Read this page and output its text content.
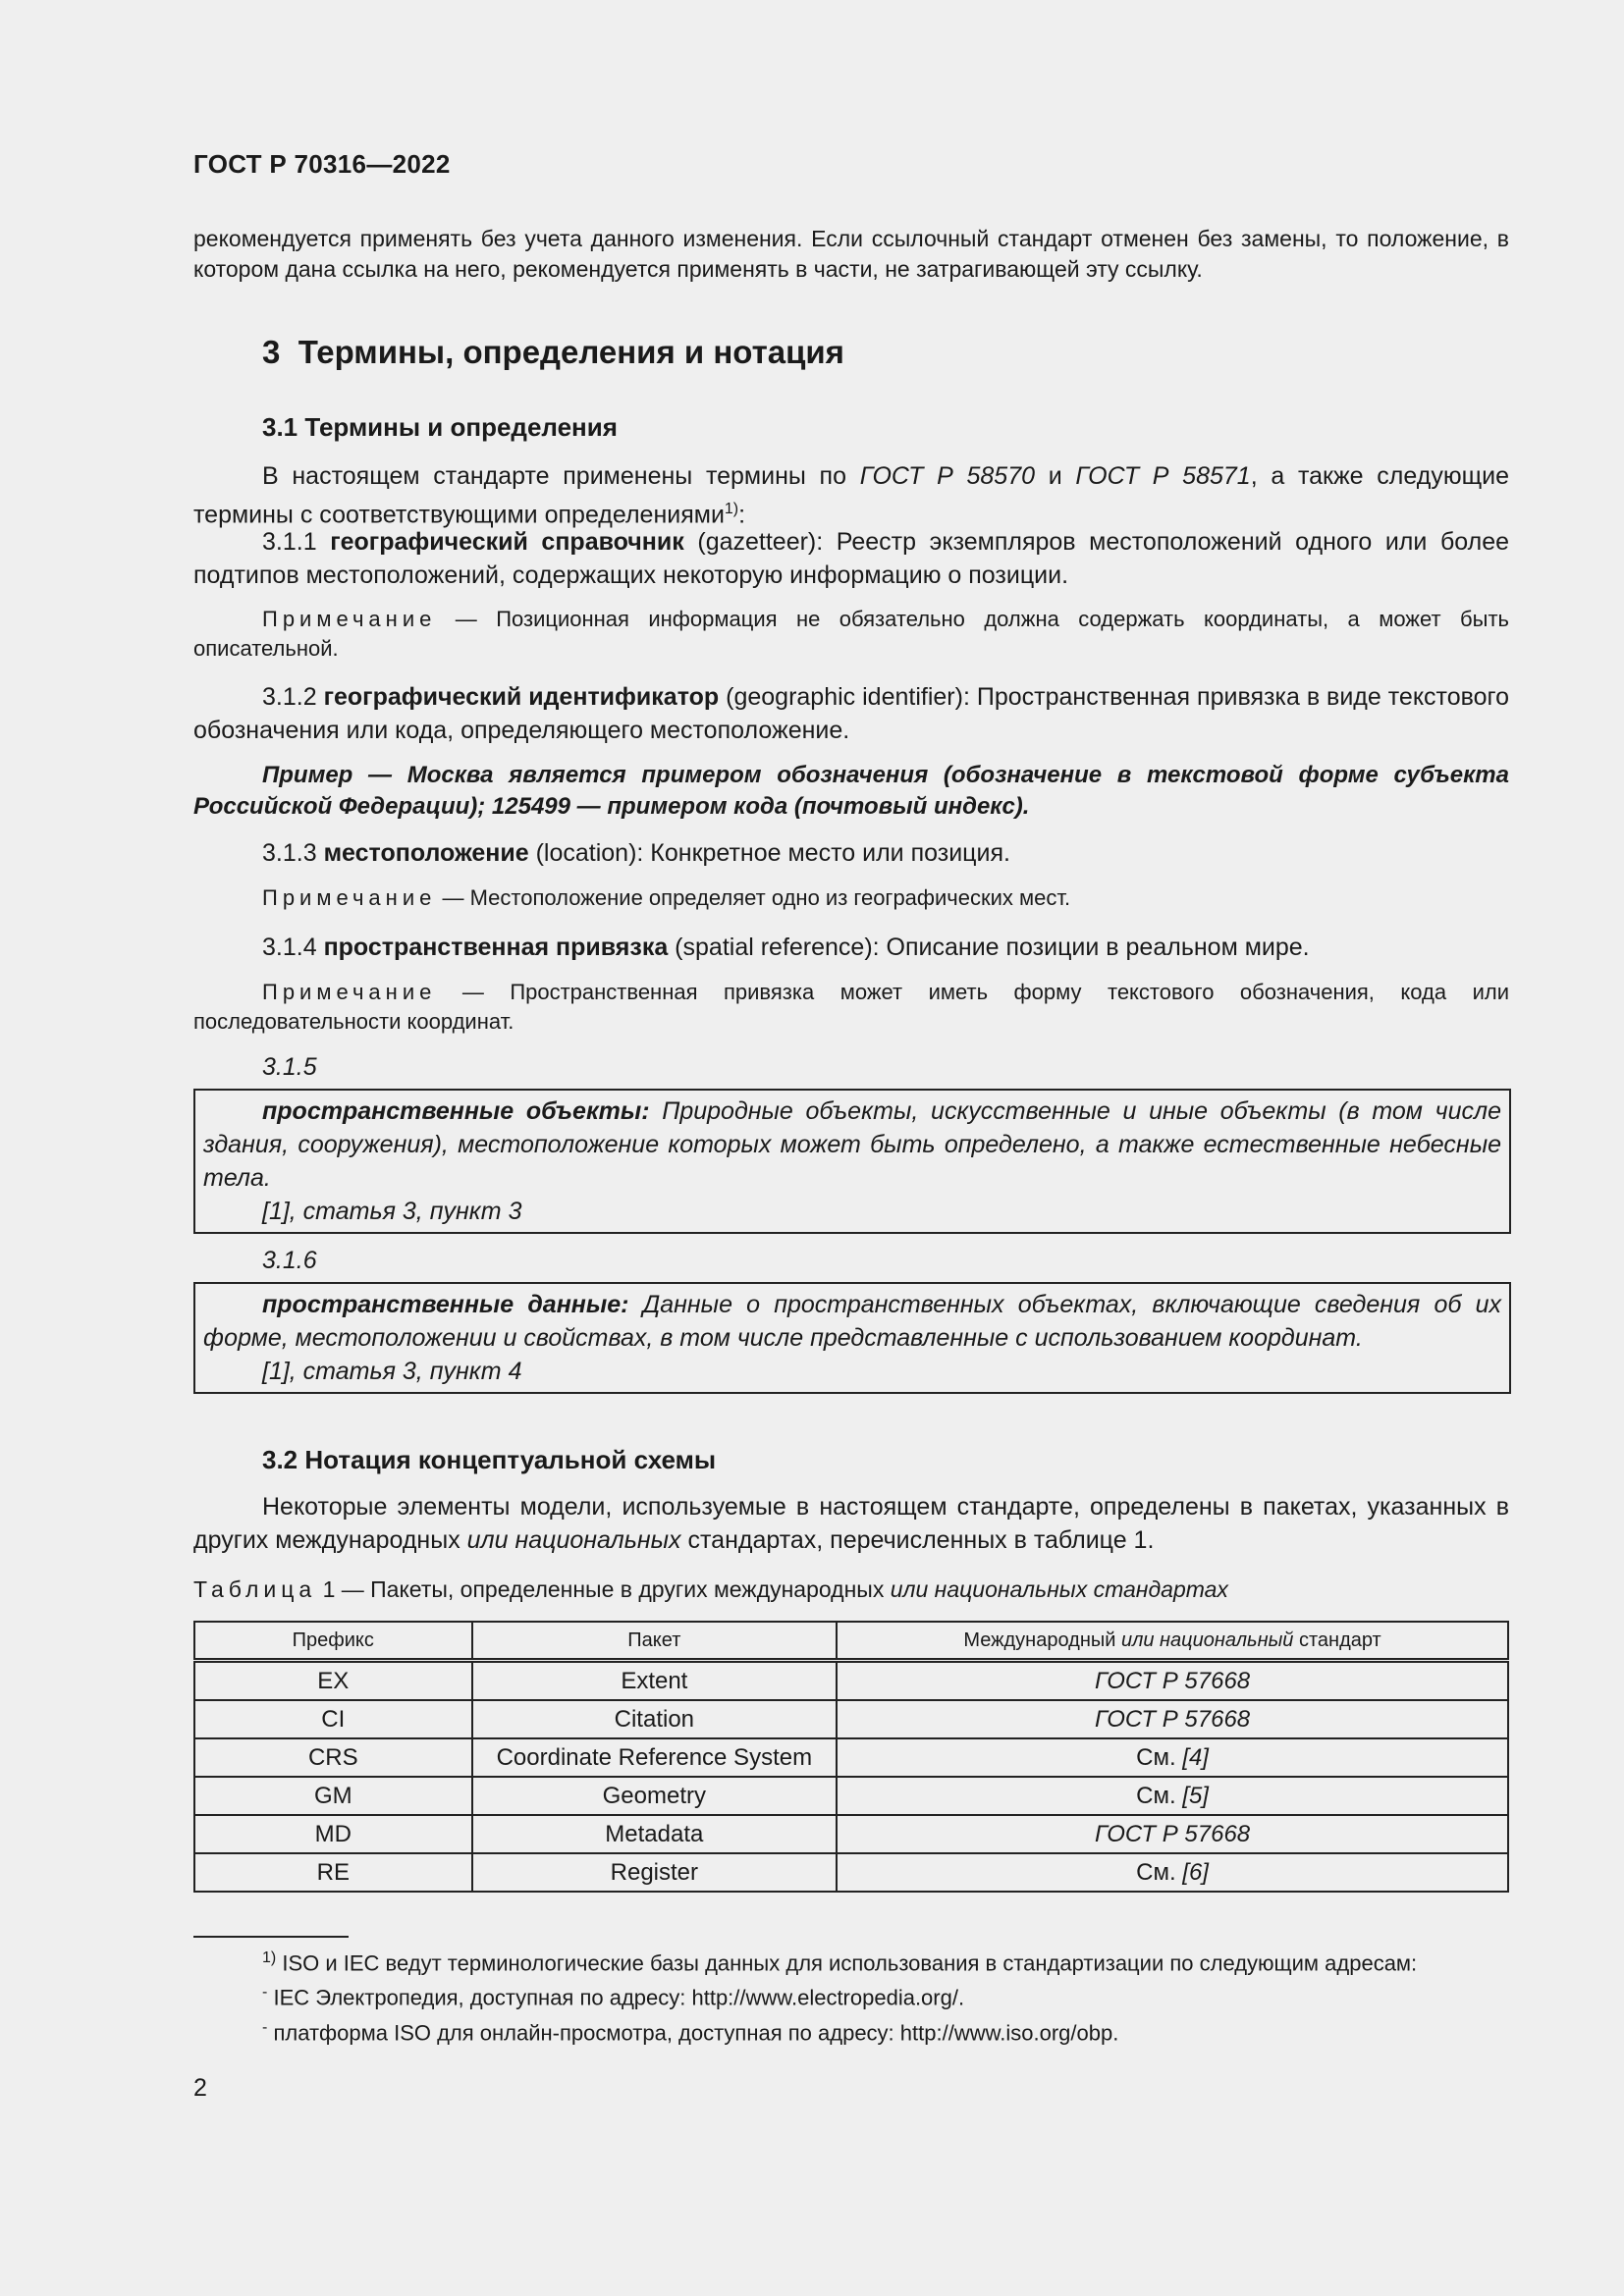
ГОСТ Р 70316—2022

рекомендуется применять без учета данного изменения. Если ссылочный стандарт отменен без замены, то положение, в котором дана ссылка на него, рекомендуется применять в части, не затрагивающей эту ссылку.

3 Термины, определения и нотация
3.1 Термины и определения

В настоящем стандарте применены термины по ГОСТ Р 58570 и ГОСТ Р 58571, а также следующие термины с соответствующими определениями$^{1)}$:

3.1.1 географический справочник (gazetteer): Реестр экземпляров местоположений одного или более подтипов местоположений, содержащих некоторую информацию о позиции.

Примечание — Позиционная информация не обязательно должна содержать координаты, а может быть описательной.

3.1.2 географический идентификатор (geographic identifier): Пространственная привязка в виде текстового обозначения или кода, определяющего местоположение.

Пример — Москва является примером обозначения (обозначение в текстовой форме субъекта Российской Федерации); 125499 — примером кода (почтовый индекс).

3.1.3 местоположение (location): Конкретное место или позиция.

Примечание — Местоположение определяет одно из географических мест.

3.1.4 пространственная привязка (spatial reference): Описание позиции в реальном мире.

Примечание — Пространственная привязка может иметь форму текстового обозначения, кода или последовательности координат.

3.1.5

пространственные объекты: Природные объекты, искусственные и иные объекты (в том числе здания, сооружения), местоположение которых может быть определено, а также естественные небесные тела.

[1], статья 3, пункт 3

3.1.6

пространственные данные: Данные о пространственных объектах, включающие сведения об их форме, местоположении и свойствах, в том числе представленные с использованием координат.

[1], статья 3, пункт 4

3.2 Нотация концептуальной схемы

Некоторые элементы модели, используемые в настоящем стандарте, определены в пакетах, указанных в других международных или национальных стандартах, перечисленных в таблице 1.

Таблица 1 — Пакеты, определенные в других международных или национальных стандартах
Префикс	Пакет	Международный или национальный стандарт
EX	Extent	ГОСТ Р 57668
CI	Citation	ГОСТ Р 57668
CRS	Coordinate Reference System	См. [4]
GM	Geometry	См. [5]
MD	Metadata	ГОСТ Р 57668
RE	Register	См. [6]

$^{1)}$ ISO и IEC ведут терминологические базы данных для использования в стандартизации по следующим адресам:

- IEC Электропедия, доступная по адресу: http://www.electropedia.org/.

- платформа ISO для онлайн-просмотра, доступная по адресу: http://www.iso.org/obp.

2
